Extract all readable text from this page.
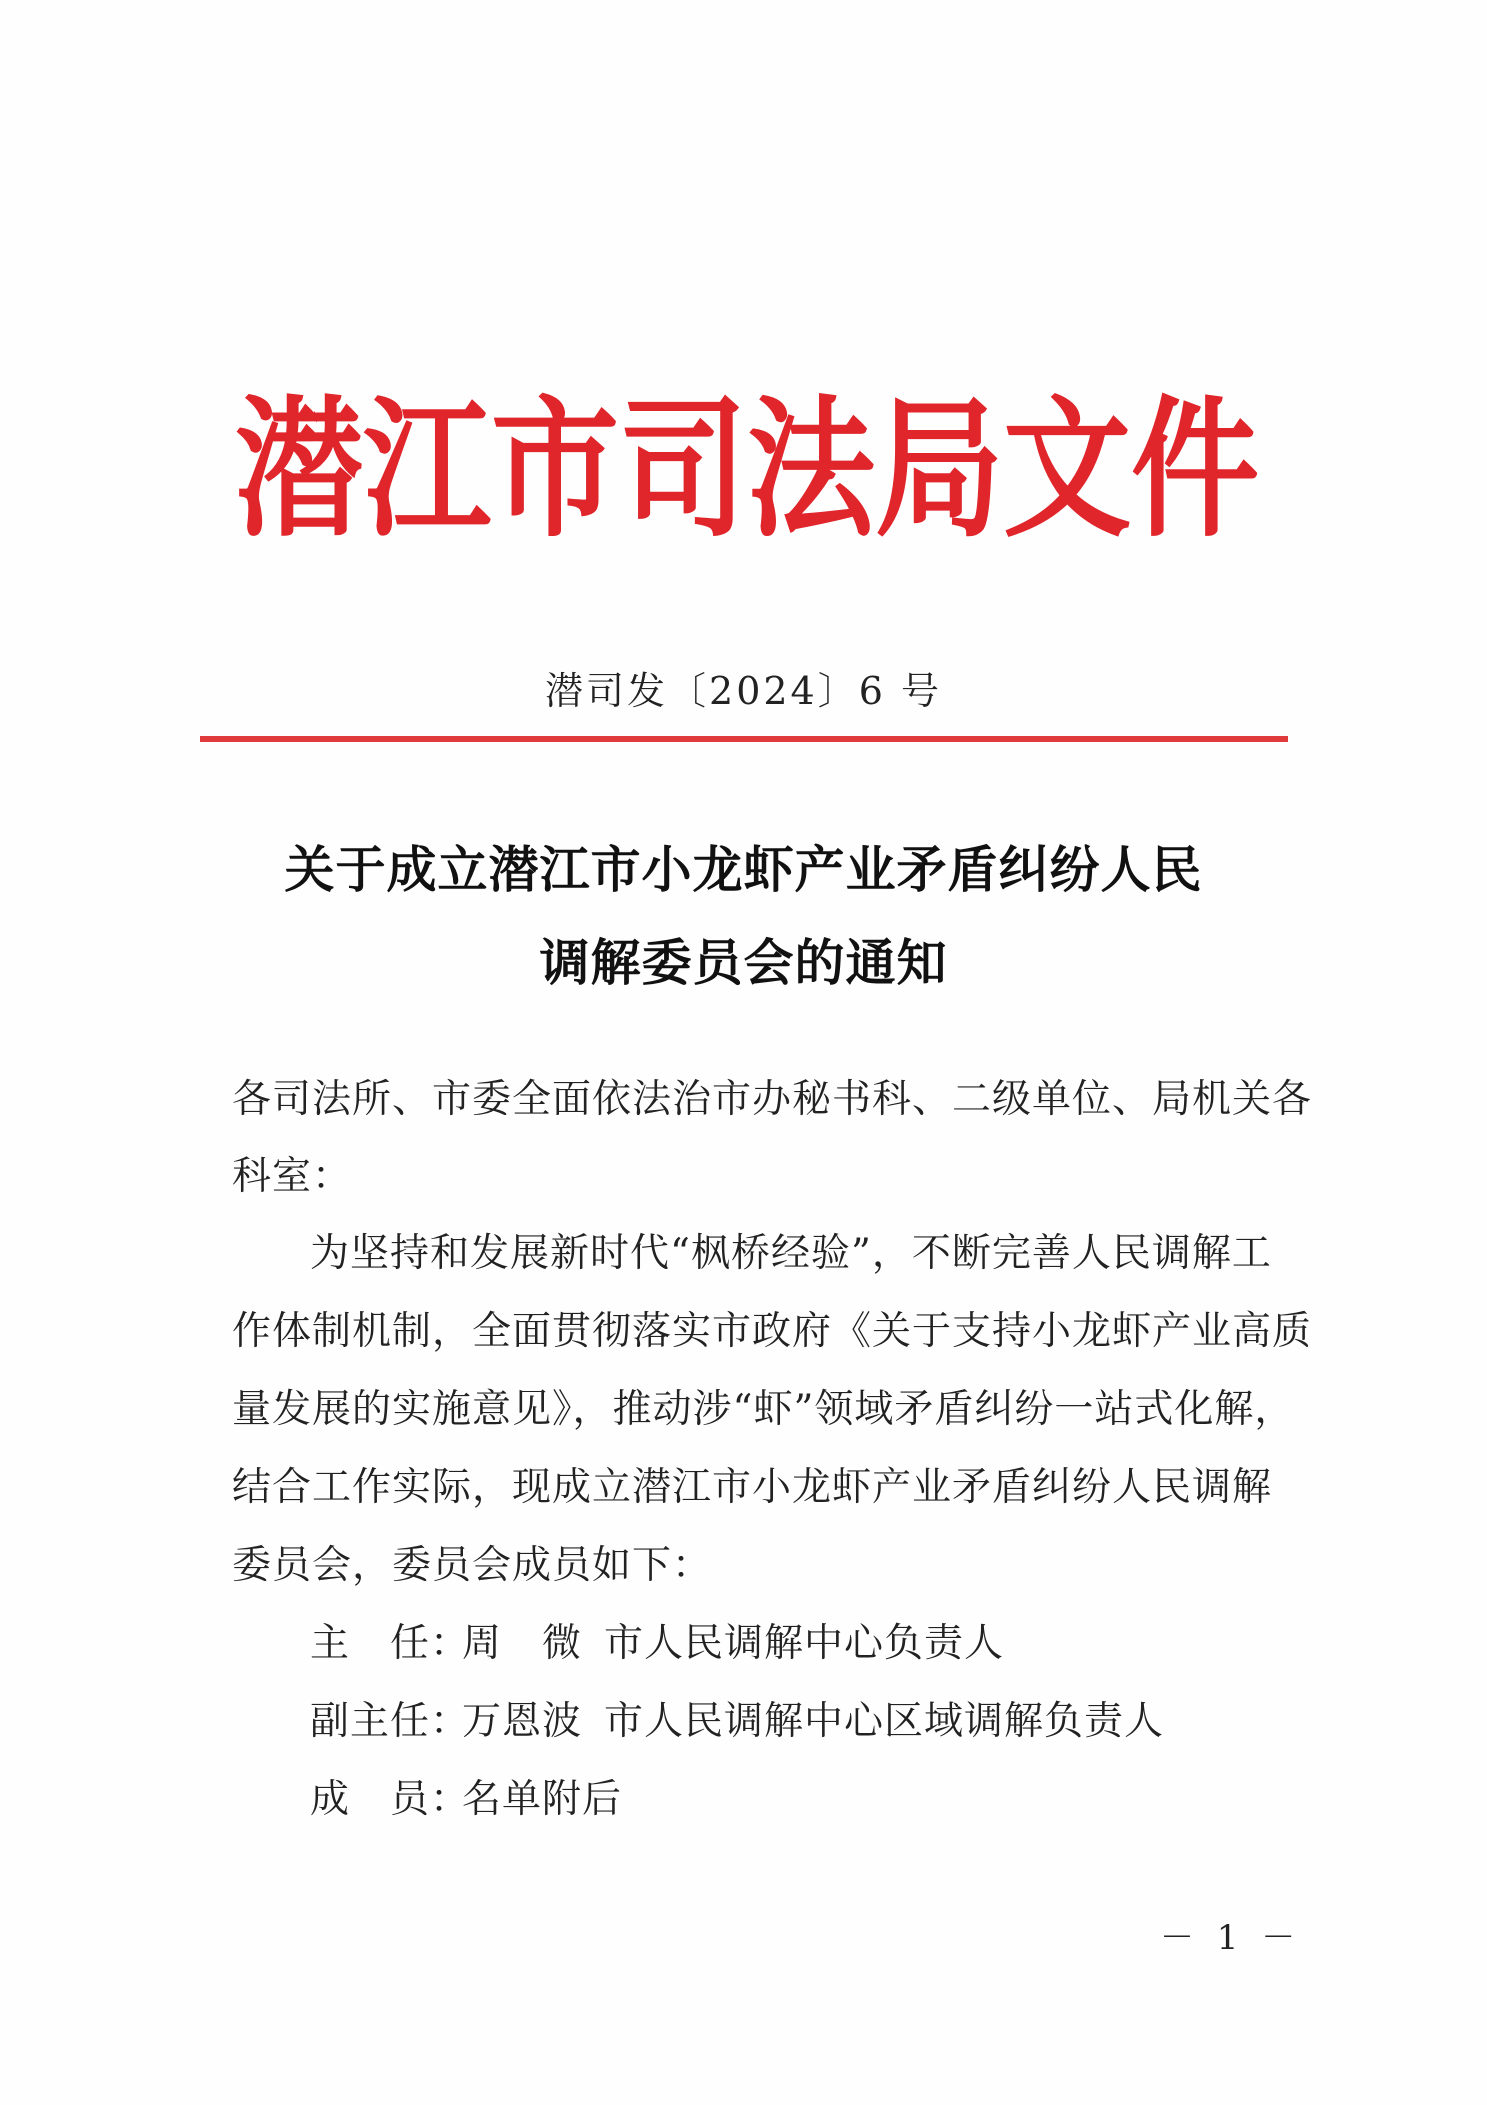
潜 江 市 司 法 局 文 件
潜司发〔2024〕6 号
关于成立潜江市小龙虾产业矛盾纠纷人民
调解委员会的通知
各司法所、市委全面依法治市办秘书科、二级单位、局机关各
科室：
为坚持和发展新时代“枫桥经验”，不断完善人民调解工
作体制机制，全面贯彻落实市政府《关于支持小龙虾产业高质
量发展的实施意见》，推动涉“虾”领域矛盾纠纷一站式化解，
结合工作实际，现成立潜江市小龙虾产业矛盾纠纷人民调解
委员会，委员会成员如下：
主　任：周　微 市人民调解中心负责人
副主任：万恩波 市人民调解中心区域调解负责人
成　员：名单附后
－ 1 －
